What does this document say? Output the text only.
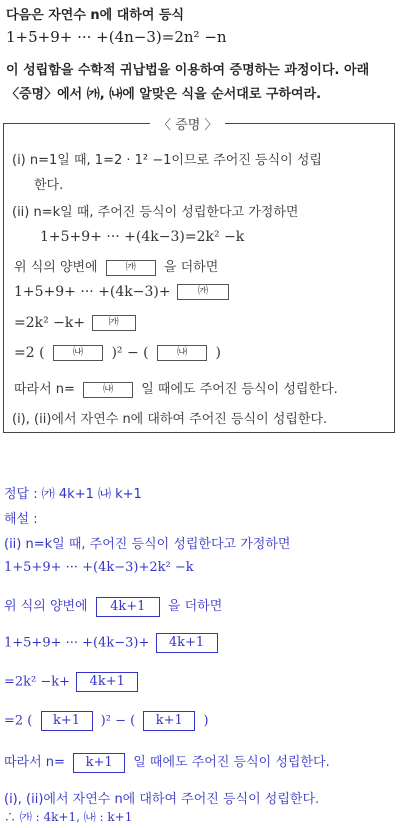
다음은 자연수 n에 대하여 등식
1+5+9+ ··· +(4n−3)=2n² −n
이 성립함을 수학적 귀납법을 이용하여 증명하는 과정이다. 아래
〈증명〉에서 ㈎, ㈏에 알맞은 식을 순서대로 구하여라.
〈 증명 〉
(i) n=1일 때, 1=2 · 1² −1이므로 주어진 등식이 성립
한다.
(ii) n=k일 때, 주어진 등식이 성립한다고 가정하면
1+5+9+ ··· +(4k−3)=2k² −k
위 식의 양변에	㈎ 을 더하면
1+5+9+ ··· +(4k−3)+	㈎
=2k² −k+ ㈎
=2 (	㈏ )² − (	㈏ )
따라서 n=	㈏ 일 때에도 주어진 등식이 성립한다.
(i), (ii)에서 자연수 n에 대하여 주어진 등식이 성립한다.
정답 : ㈎ 4k+1 ㈏ k+1
해설 :
(ii) n=k일 때, 주어진 등식이 성립한다고 가정하면
1+5+9+ ··· +(4k−3)+2k² −k
위 식의 양변에 4k+1 을 더하면
1+5+9+ ··· +(4k−3)+ 4k+1
=2k² −k+ 4k+1
=2 ( k+1 )² − ( k+1 )
따라서 n= k+1 일 때에도 주어진 등식이 성립한다.
(i), (ii)에서 자연수 n에 대하여 주어진 등식이 성립한다.
∴ ㈎ : 4k+1, ㈏ : k+1
